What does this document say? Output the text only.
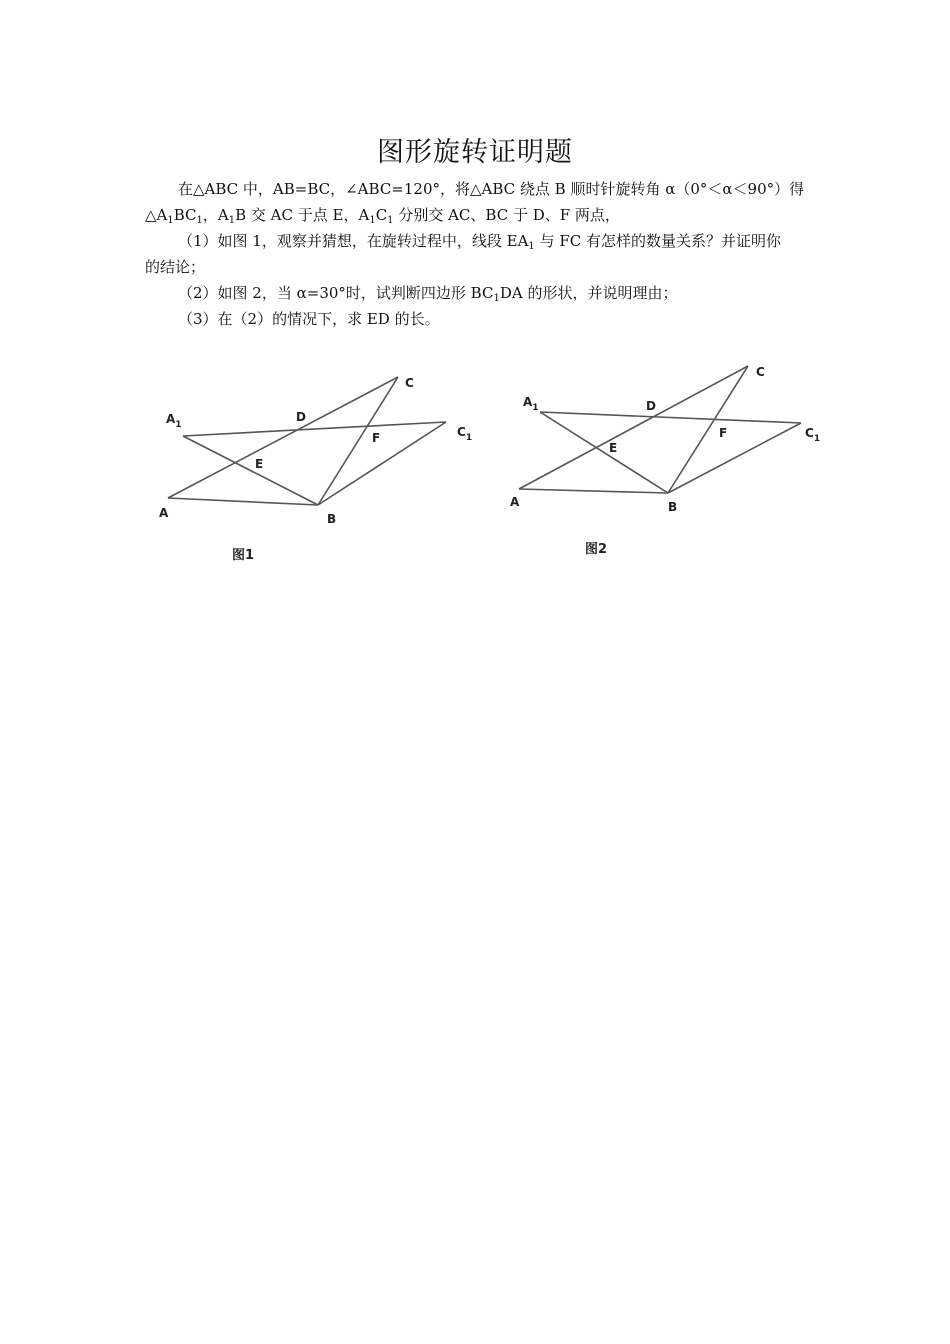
图形旋转证明题

在△ABC 中，AB=BC，∠ABC=120°，将△ABC 绕点 B 顺时针旋转角 α（0°＜α＜90°）得

$\triangle A_1BC_1$，$A_1B$ 交 AC 于点 E，$A_1C_1$ 分别交 AC、BC 于 D、F 两点，

（1）如图 1，观察并猜想，在旋转过程中，线段 $EA_1$ 与 FC 有怎样的数量关系？并证明你

的结论；

（2）如图 2，当 α=30°时，试判断四边形 $BC_1DA$ 的形状，并说明理由；

（3）在（2）的情况下，求 ED 的长。

$A_1$
D
C
$C_1$
F
E
A	B
图1
$A_1$	D
C
$C_1$
F
E
A	B
图2
